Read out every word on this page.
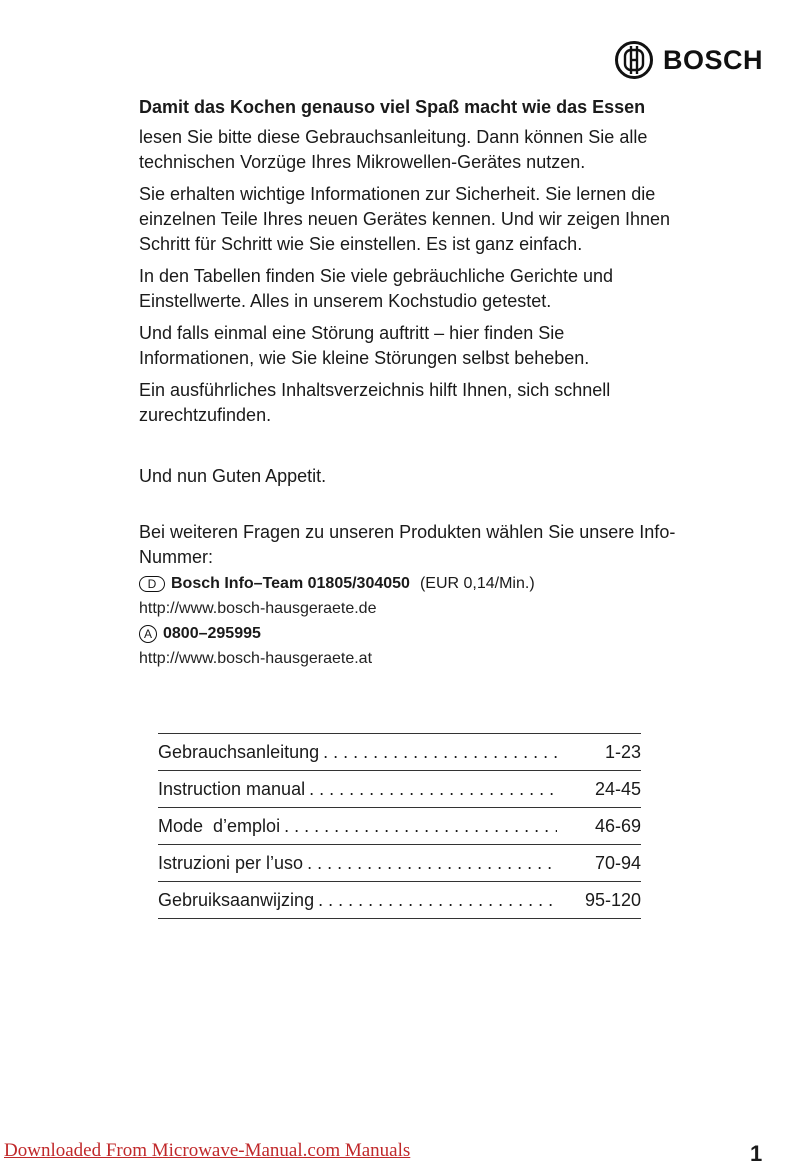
BOSCH
Damit das Kochen genauso viel Spaß macht wie das Essen

lesen Sie bitte diese Gebrauchsanleitung. Dann können Sie alle technischen Vorzüge Ihres Mikrowellen-Gerätes nutzen.

Sie erhalten wichtige Informationen zur Sicherheit. Sie lernen die einzelnen Teile Ihres neuen Gerätes kennen. Und wir zeigen Ihnen Schritt für Schritt wie Sie einstellen. Es ist ganz einfach.

In den Tabellen finden Sie viele gebräuchliche Gerichte und Einstellwerte. Alles in unserem Kochstudio getestet.

Und falls einmal eine Störung auftritt – hier finden Sie Informationen, wie Sie kleine Störungen selbst beheben.

Ein ausführliches Inhaltsverzeichnis hilft Ihnen, sich schnell zurechtzufinden.

Und nun Guten Appetit.

Bei weiteren Fragen zu unseren Produkten wählen Sie unsere Info-Nummer:

D Bosch Info–Team 01805/304050 (EUR 0,14/Min.)
http://www.bosch-hausgeraete.de
A 0800–295995
http://www.bosch-hausgeraete.at
Gebrauchsanleitung . . .	1-23
Instruction manual . . .	24-45
Mode  d’emploi . . .	46-69
Istruzioni per l’uso . . .	70-94
Gebruiksaanwijzing . . .	95-120
Downloaded From Microwave-Manual.com Manuals	1
